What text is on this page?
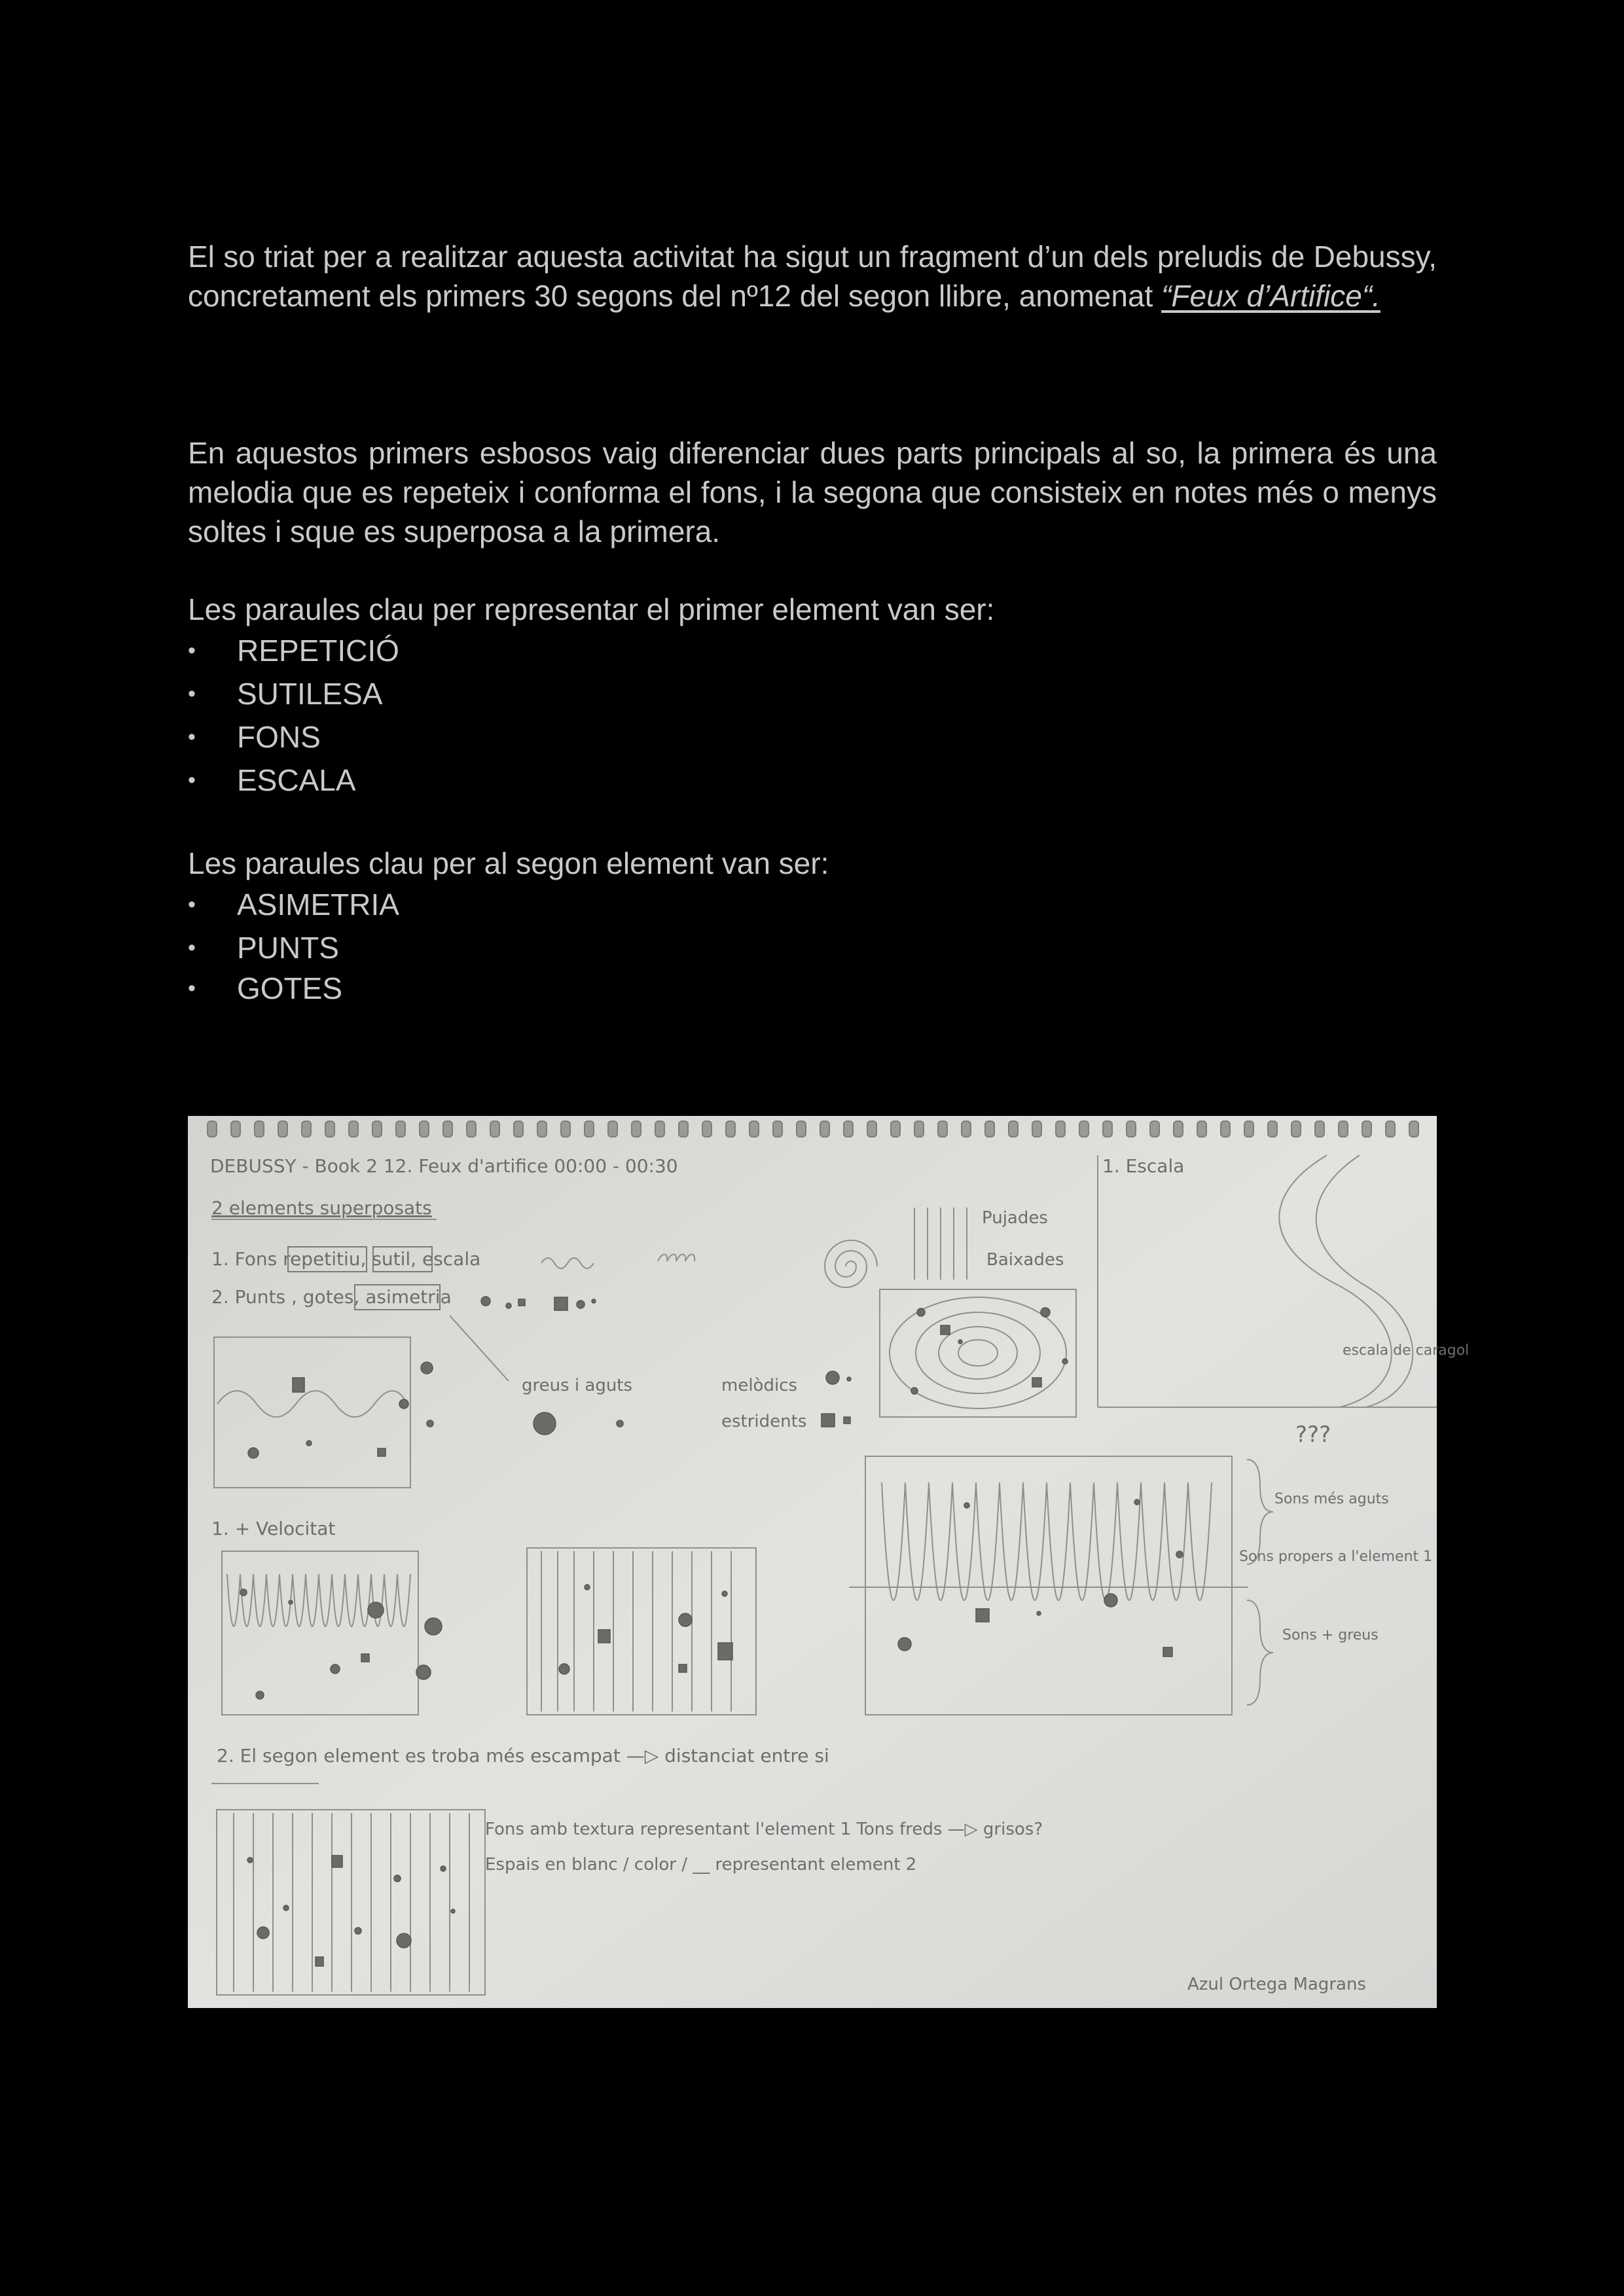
El so triat per a realitzar aquesta activitat ha sigut un fragment d’un dels preludis de Debussy, concretament els primers 30 segons del nº12 del segon llibre, anomenat “Feux d’Artifice“.

En aquestos primers esbosos vaig diferenciar dues parts principals al so, la primera és una melodia que es repeteix i conforma el fons, i la segona que consisteix en notes més o menys soltes i sque es superposa a la primera.

Les paraules clau per representar el primer element van ser:
• REPETICIÓ
• SUTILESA
• FONS
• ESCALA
Les paraules clau per al segon element van ser:
• ASIMETRIA
• PUNTS
• GOTES
DEBUSSY - Book 2 12. Feux d'artifice 00:00 - 00:30
2 elements superposats
1. Fons repetitiu, sutil, escala
2. Punts , gotes, asimetria
1. Escala
Pujades
Baixades
escala de caragol
greus i aguts	melòdics
estridents	???
1. + Velocitat
Sons més aguts
Sons propers a l'element 1
Sons + greus
2. El segon element es troba més escampat —▷ distanciat entre si
Fons amb textura representant l'element 1 Tons freds —▷ grisos?
Espais en blanc / color / __ representant element 2
Azul Ortega Magrans
